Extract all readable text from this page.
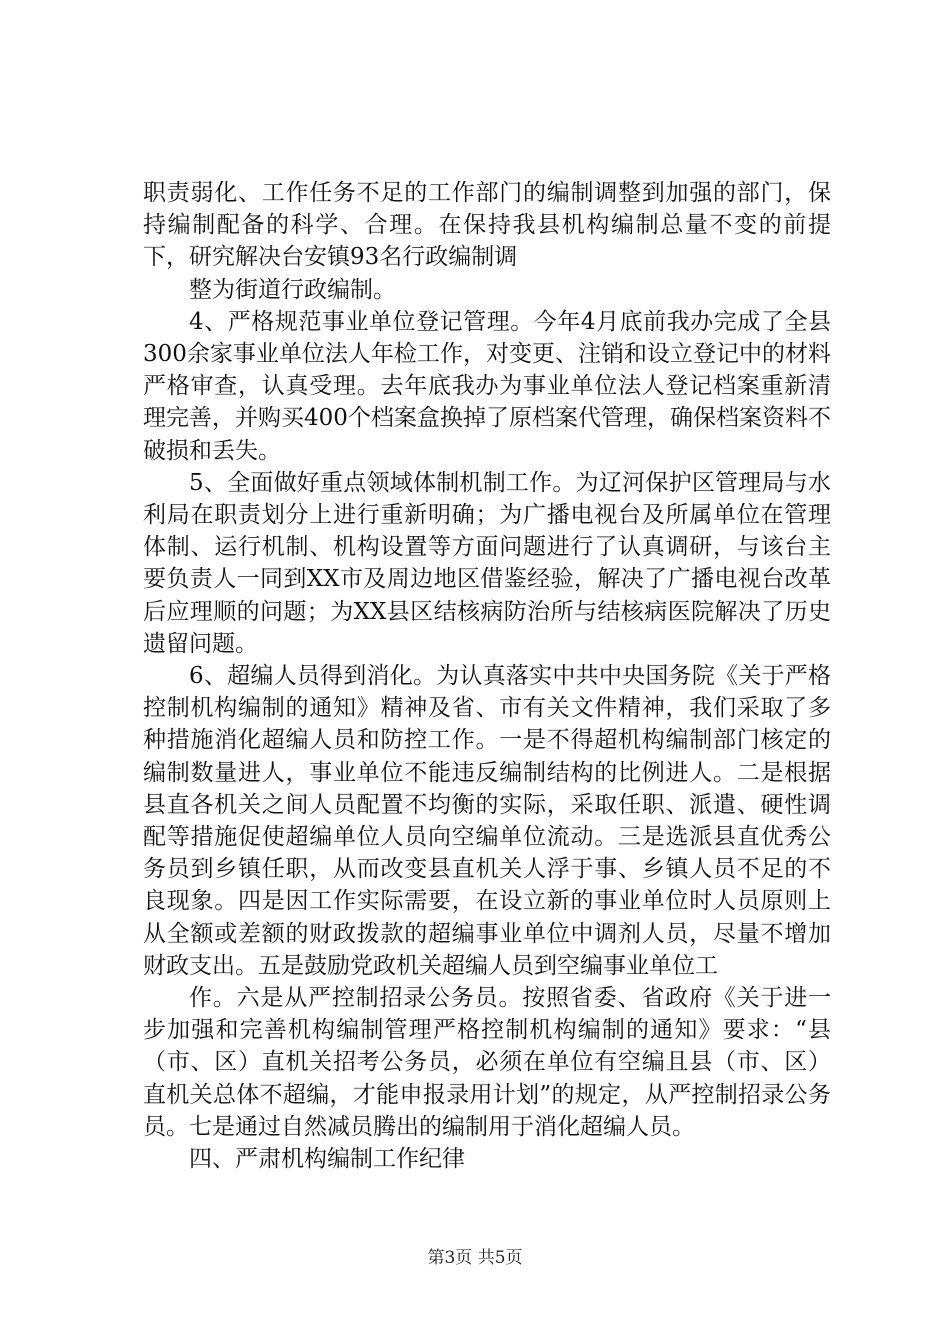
职责弱化、工作任务不足的工作部门的编制调整到加强的部门，保持编制配备的科学、合理。在保持我县机构编制总量不变的前提下，研究解决台安镇93名行政编制调

整为街道行政编制。

4、严格规范事业单位登记管理。今年4月底前我办完成了全县300余家事业单位法人年检工作，对变更、注销和设立登记中的材料严格审查，认真受理。去年底我办为事业单位法人登记档案重新清理完善，并购买400个档案盒换掉了原档案代管理，确保档案资料不破损和丢失。

5、全面做好重点领域体制机制工作。为辽河保护区管理局与水利局在职责划分上进行重新明确；为广播电视台及所属单位在管理体制、运行机制、机构设置等方面问题进行了认真调研，与该台主要负责人一同到XX市及周边地区借鉴经验，解决了广播电视台改革后应理顺的问题；为XX县区结核病防治所与结核病医院解决了历史遗留问题。

6、超编人员得到消化。为认真落实中共中央国务院《关于严格控制机构编制的通知》精神及省、市有关文件精神，我们采取了多种措施消化超编人员和防控工作。一是不得超机构编制部门核定的编制数量进人，事业单位不能违反编制结构的比例进人。二是根据县直各机关之间人员配置不均衡的实际，采取任职、派遣、硬性调配等措施促使超编单位人员向空编单位流动。三是选派县直优秀公务员到乡镇任职，从而改变县直机关人浮于事、乡镇人员不足的不良现象。四是因工作实际需要，在设立新的事业单位时人员原则上从全额或差额的财政拨款的超编事业单位中调剂人员，尽量不增加财政支出。五是鼓励党政机关超编人员到空编事业单位工

作。六是从严控制招录公务员。按照省委、省政府《关于进一步加强和完善机构编制管理严格控制机构编制的通知》要求：“县（市、区）直机关招考公务员，必须在单位有空编且县（市、区）直机关总体不超编，才能申报录用计划”的规定，从严控制招录公务员。七是通过自然减员腾出的编制用于消化超编人员。

四、严肃机构编制工作纪律

第3页 共5页
